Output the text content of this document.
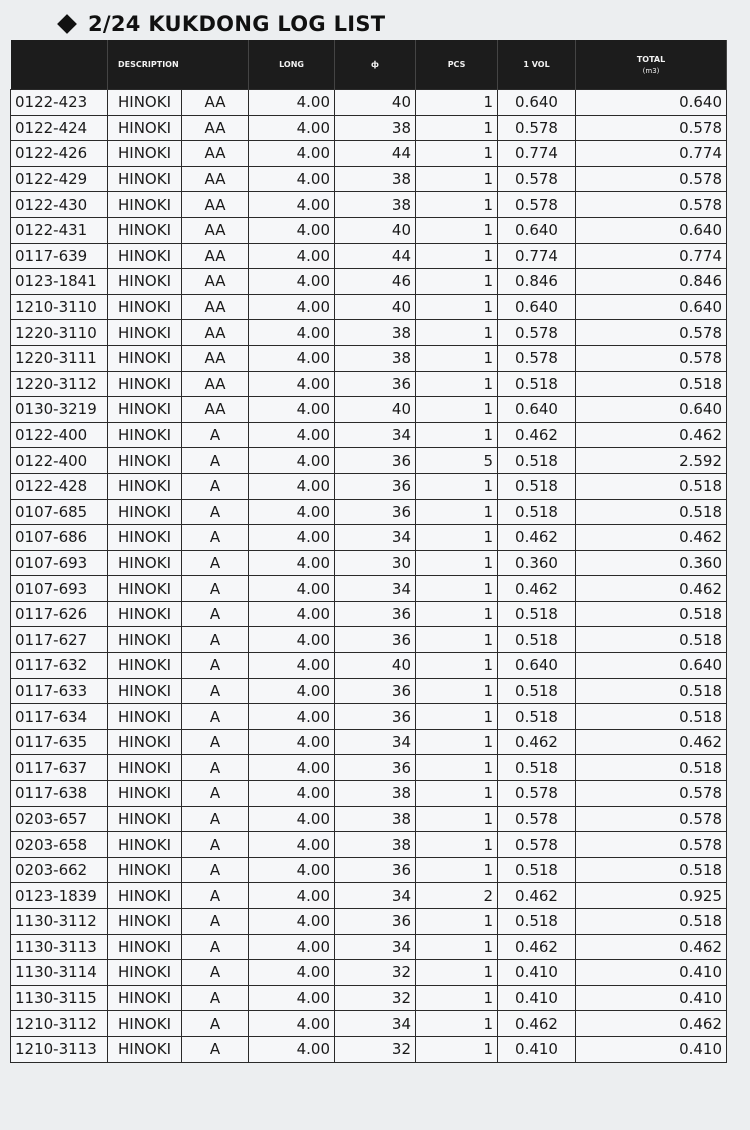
2/24 KUKDONG LOG LIST
	DESCRIPTION		LONG	ф	PCS	1 VOL	TOTAL
(m3)

0122-423	HINOKI	AA	4.00	40	1	0.640	0.640
0122-424	HINOKI	AA	4.00	38	1	0.578	0.578
0122-426	HINOKI	AA	4.00	44	1	0.774	0.774
0122-429	HINOKI	AA	4.00	38	1	0.578	0.578
0122-430	HINOKI	AA	4.00	38	1	0.578	0.578
0122-431	HINOKI	AA	4.00	40	1	0.640	0.640
0117-639	HINOKI	AA	4.00	44	1	0.774	0.774
0123-1841	HINOKI	AA	4.00	46	1	0.846	0.846
1210-3110	HINOKI	AA	4.00	40	1	0.640	0.640
1220-3110	HINOKI	AA	4.00	38	1	0.578	0.578
1220-3111	HINOKI	AA	4.00	38	1	0.578	0.578
1220-3112	HINOKI	AA	4.00	36	1	0.518	0.518
0130-3219	HINOKI	AA	4.00	40	1	0.640	0.640
0122-400	HINOKI	A	4.00	34	1	0.462	0.462
0122-400	HINOKI	A	4.00	36	5	0.518	2.592
0122-428	HINOKI	A	4.00	36	1	0.518	0.518
0107-685	HINOKI	A	4.00	36	1	0.518	0.518
0107-686	HINOKI	A	4.00	34	1	0.462	0.462
0107-693	HINOKI	A	4.00	30	1	0.360	0.360
0107-693	HINOKI	A	4.00	34	1	0.462	0.462
0117-626	HINOKI	A	4.00	36	1	0.518	0.518
0117-627	HINOKI	A	4.00	36	1	0.518	0.518
0117-632	HINOKI	A	4.00	40	1	0.640	0.640
0117-633	HINOKI	A	4.00	36	1	0.518	0.518
0117-634	HINOKI	A	4.00	36	1	0.518	0.518
0117-635	HINOKI	A	4.00	34	1	0.462	0.462
0117-637	HINOKI	A	4.00	36	1	0.518	0.518
0117-638	HINOKI	A	4.00	38	1	0.578	0.578
0203-657	HINOKI	A	4.00	38	1	0.578	0.578
0203-658	HINOKI	A	4.00	38	1	0.578	0.578
0203-662	HINOKI	A	4.00	36	1	0.518	0.518
0123-1839	HINOKI	A	4.00	34	2	0.462	0.925
1130-3112	HINOKI	A	4.00	36	1	0.518	0.518
1130-3113	HINOKI	A	4.00	34	1	0.462	0.462
1130-3114	HINOKI	A	4.00	32	1	0.410	0.410
1130-3115	HINOKI	A	4.00	32	1	0.410	0.410
1210-3112	HINOKI	A	4.00	34	1	0.462	0.462
1210-3113	HINOKI	A	4.00	32	1	0.410	0.410
